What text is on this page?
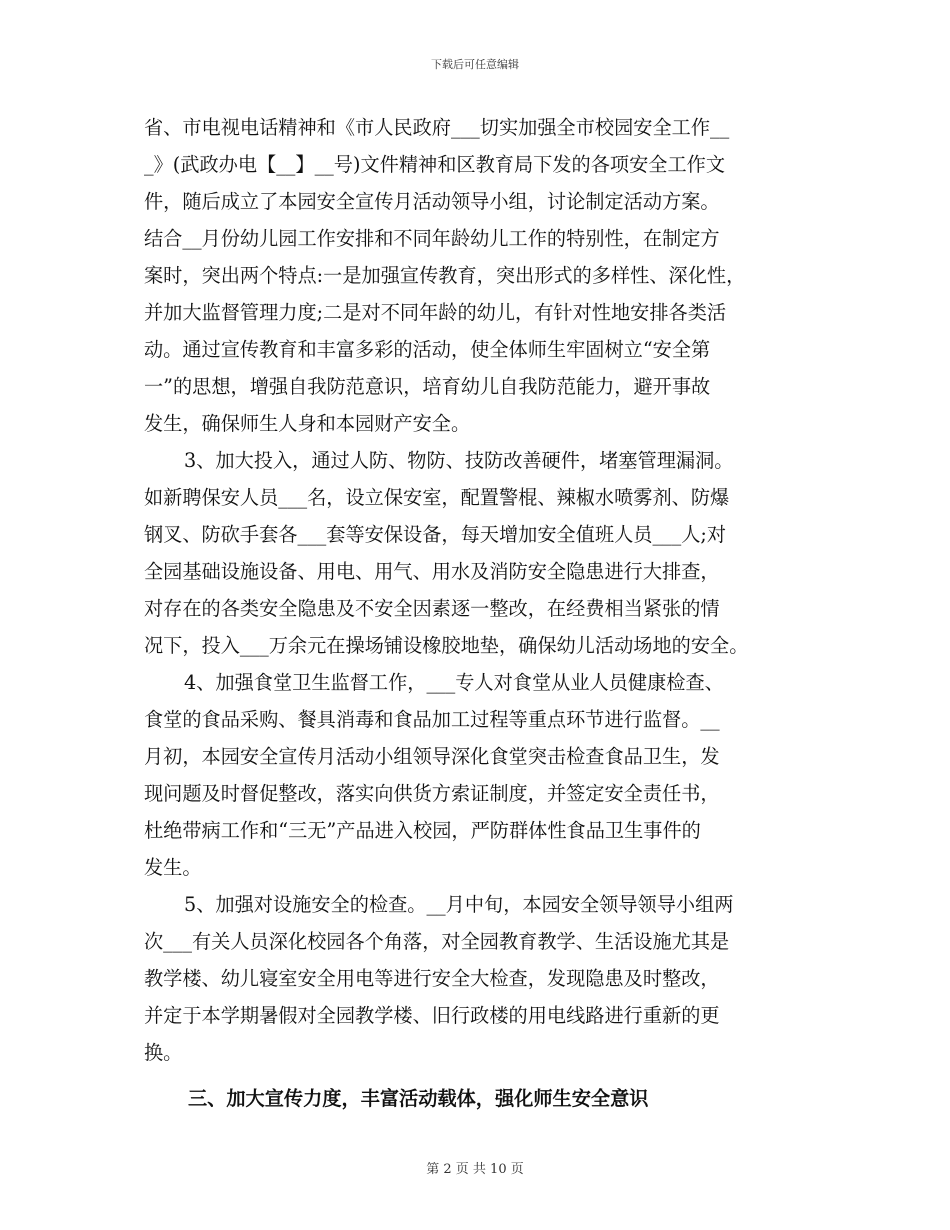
下载后可任意编辑
省、市电视电话精神和《市人民政府___切实加强全市校园安全工作__
_》(武政办电【__】__号)文件精神和区教育局下发的各项安全工作文
件，随后成立了本园安全宣传月活动领导小组，讨论制定活动方案。
结合__月份幼儿园工作安排和不同年龄幼儿工作的特别性，在制定方
案时，突出两个特点:一是加强宣传教育，突出形式的多样性、深化性，
并加大监督管理力度;二是对不同年龄的幼儿，有针对性地安排各类活
动。通过宣传教育和丰富多彩的活动，使全体师生牢固树立“安全第
一”的思想，增强自我防范意识，培育幼儿自我防范能力，避开事故
发生，确保师生人身和本园财产安全。
3、加大投入，通过人防、物防、技防改善硬件，堵塞管理漏洞。
如新聘保安人员___名，设立保安室，配置警棍、辣椒水喷雾剂、防爆
钢叉、防砍手套各___套等安保设备，每天增加安全值班人员___人;对
全园基础设施设备、用电、用气、用水及消防安全隐患进行大排查，
对存在的各类安全隐患及不安全因素逐一整改，在经费相当紧张的情
况下，投入___万余元在操场铺设橡胶地垫，确保幼儿活动场地的安全。
4、加强食堂卫生监督工作，___专人对食堂从业人员健康检查、
食堂的食品采购、餐具消毒和食品加工过程等重点环节进行监督。__
月初，本园安全宣传月活动小组领导深化食堂突击检查食品卫生，发
现问题及时督促整改，落实向供货方索证制度，并签定安全责任书，
杜绝带病工作和“三无”产品进入校园，严防群体性食品卫生事件的
发生。
5、加强对设施安全的检查。__月中旬，本园安全领导领导小组两
次___有关人员深化校园各个角落，对全园教育教学、生活设施尤其是
教学楼、幼儿寝室安全用电等进行安全大检查，发现隐患及时整改，
并定于本学期暑假对全园教学楼、旧行政楼的用电线路进行重新的更
换。
三、加大宣传力度，丰富活动载体，强化师生安全意识
第 2 页 共 10 页
